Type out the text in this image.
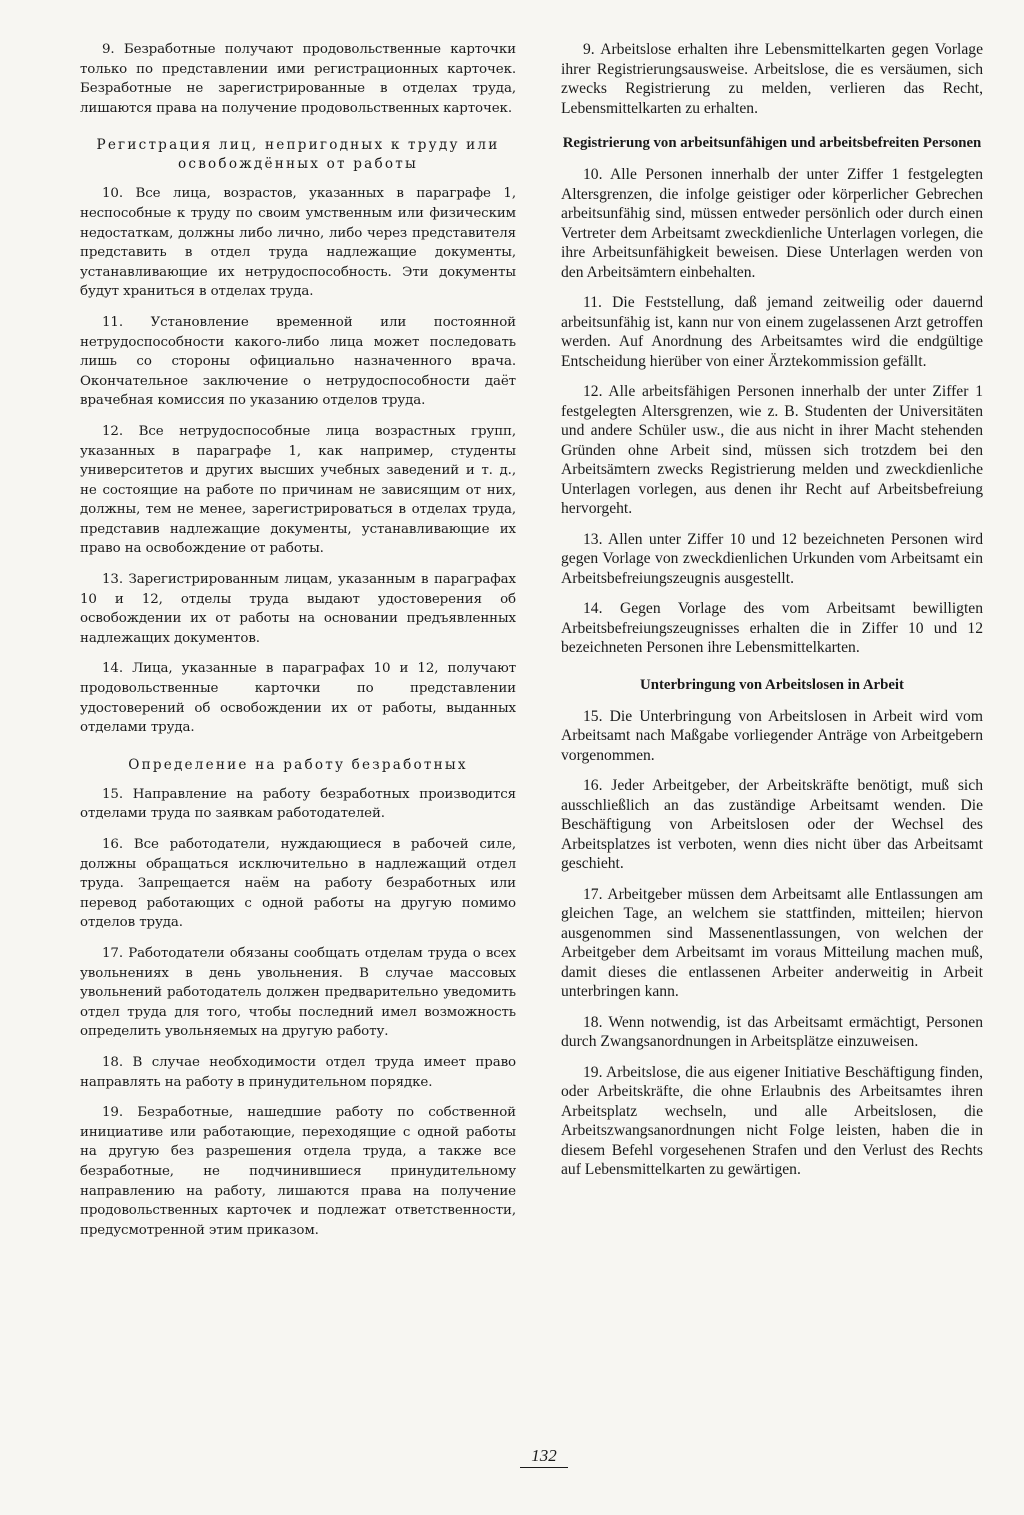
9. Безработные получают продовольственные карточки только по представлении ими регистрационных карточек. Безработные не зарегистрированные в отделах труда, лишаются права на получение продовольственных карточек.

Регистрация лиц, непригодных к труду или освобождённых от работы

10. Все лица, возрастов, указанных в параграфе 1, неспособные к труду по своим умственным или физическим недостаткам, должны либо лично, либо через представителя представить в отдел труда надлежащие документы, устанавливающие их нетрудоспособность. Эти документы будут храниться в отделах труда.

11. Установление временной или постоянной нетрудоспособности какого-либо лица может последовать лишь со стороны официально назначенного врача. Окончательное заключение о нетрудоспособности даёт врачебная комиссия по указанию отделов труда.

12. Все нетрудоспособные лица возрастных групп, указанных в параграфе 1, как например, студенты университетов и других высших учебных заведений и т. д., не состоящие на работе по причинам не зависящим от них, должны, тем не менее, зарегистрироваться в отделах труда, представив надлежащие документы, устанавливающие их право на освобождение от работы.

13. Зарегистрированным лицам, указанным в параграфах 10 и 12, отделы труда выдают удостоверения об освобождении их от работы на основании предъявленных надлежащих документов.

14. Лица, указанные в параграфах 10 и 12, получают продовольственные карточки по представлении удостоверений об освобождении их от работы, выданных отделами труда.

Определение на работу безработных

15. Направление на работу безработных производится отделами труда по заявкам работодателей.

16. Все работодатели, нуждающиеся в рабочей силе, должны обращаться исключительно в надлежащий отдел труда. Запрещается наём на работу безработных или перевод работающих с одной работы на другую помимо отделов труда.

17. Работодатели обязаны сообщать отделам труда о всех увольнениях в день увольнения. В случае массовых увольнений работодатель должен предварительно уведомить отдел труда для того, чтобы последний имел возможность определить увольняемых на другую работу.

18. В случае необходимости отдел труда имеет право направлять на работу в принудительном порядке.

19. Безработные, нашедшие работу по собственной инициативе или работающие, переходящие с одной работы на другую без разрешения отдела труда, а также все безработные, не подчинившиеся принудительному направлению на работу, лишаются права на получение продовольственных карточек и подлежат ответственности, предусмотренной этим приказом.

9. Arbeitslose erhalten ihre Lebensmittelkarten gegen Vorlage ihrer Registrierungsausweise. Arbeitslose, die es versäumen, sich zwecks Registrierung zu melden, verlieren das Recht, Lebensmittelkarten zu erhalten.

Registrierung von arbeitsunfähigen und arbeitsbefreiten Personen

10. Alle Personen innerhalb der unter Ziffer 1 festgelegten Altersgrenzen, die infolge geistiger oder körperlicher Gebrechen arbeitsunfähig sind, müssen entweder persönlich oder durch einen Vertreter dem Arbeitsamt zweckdienliche Unterlagen vorlegen, die ihre Arbeitsunfähigkeit beweisen. Diese Unterlagen werden von den Arbeitsämtern einbehalten.

11. Die Feststellung, daß jemand zeitweilig oder dauernd arbeitsunfähig ist, kann nur von einem zugelassenen Arzt getroffen werden. Auf Anordnung des Arbeitsamtes wird die endgültige Entscheidung hierüber von einer Ärztekommission gefällt.

12. Alle arbeitsfähigen Personen innerhalb der unter Ziffer 1 festgelegten Altersgrenzen, wie z. B. Studenten der Universitäten und andere Schüler usw., die aus nicht in ihrer Macht stehenden Gründen ohne Arbeit sind, müssen sich trotzdem bei den Arbeitsämtern zwecks Registrierung melden und zweckdienliche Unterlagen vorlegen, aus denen ihr Recht auf Arbeitsbefreiung hervorgeht.

13. Allen unter Ziffer 10 und 12 bezeichneten Personen wird gegen Vorlage von zweckdienlichen Urkunden vom Arbeitsamt ein Arbeitsbefreiungszeugnis ausgestellt.

14. Gegen Vorlage des vom Arbeitsamt bewilligten Arbeitsbefreiungszeugnisses erhalten die in Ziffer 10 und 12 bezeichneten Personen ihre Lebensmittelkarten.

Unterbringung von Arbeitslosen in Arbeit

15. Die Unterbringung von Arbeitslosen in Arbeit wird vom Arbeitsamt nach Maßgabe vorliegender Anträge von Arbeitgebern vorgenommen.

16. Jeder Arbeitgeber, der Arbeitskräfte benötigt, muß sich ausschließlich an das zuständige Arbeitsamt wenden. Die Beschäftigung von Arbeitslosen oder der Wechsel des Arbeitsplatzes ist verboten, wenn dies nicht über das Arbeitsamt geschieht.

17. Arbeitgeber müssen dem Arbeitsamt alle Entlassungen am gleichen Tage, an welchem sie stattfinden, mitteilen; hiervon ausgenommen sind Massenentlassungen, von welchen der Arbeitgeber dem Arbeitsamt im voraus Mitteilung machen muß, damit dieses die entlassenen Arbeiter anderweitig in Arbeit unterbringen kann.

18. Wenn notwendig, ist das Arbeitsamt ermächtigt, Personen durch Zwangsanordnungen in Arbeitsplätze einzuweisen.

19. Arbeitslose, die aus eigener Initiative Beschäftigung finden, oder Arbeitskräfte, die ohne Erlaubnis des Arbeitsamtes ihren Arbeitsplatz wechseln, und alle Arbeitslosen, die Arbeitszwangsanordnungen nicht Folge leisten, haben die in diesem Befehl vorgesehenen Strafen und den Verlust des Rechts auf Lebensmittelkarten zu gewärtigen.

132
